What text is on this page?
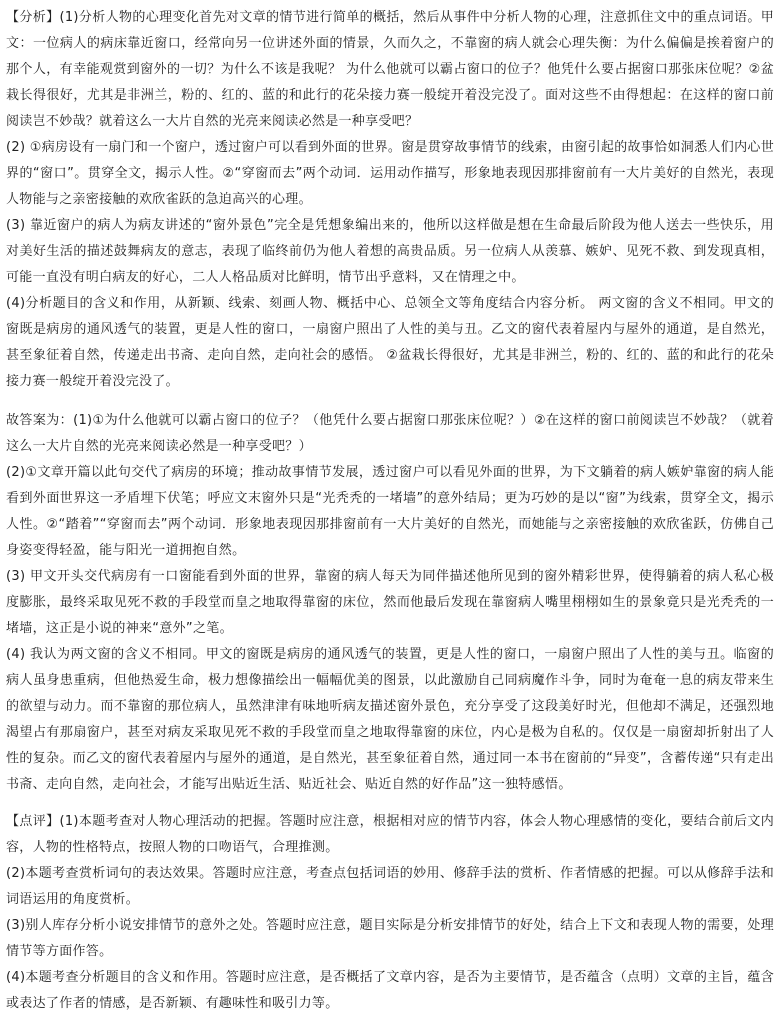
【分析】(1)分析人物的心理变化首先对文章的情节进行简单的概括，然后从事件中分析人物的心理，注意抓住文中的重点词语。甲文：一位病人的病床靠近窗口，经常向另一位讲述外面的情景，久而久之，不靠窗的病人就会心理失衡：为什么偏偏是挨着窗户的那个人，有幸能观赏到窗外的一切？为什么不该是我呢？ 为什么他就可以霸占窗口的位子？他凭什么要占据窗口那张床位呢？②盆栽长得很好，尤其是非洲兰，粉的、红的、蓝的和此行的花朵接力赛一般绽开着没完没了。面对这些不由得想起：在这样的窗口前阅读岂不妙哉？就着这么一大片自然的光亮来阅读必然是一种享受吧？

(2) ①病房设有一扇门和一个窗户，透过窗户可以看到外面的世界。窗是贯穿故事情节的线索，由窗引起的故事恰如洞悉人们内心世界的“窗口”。贯穿全文，揭示人性。②“穿窗而去”两个动词．运用动作描写，形象地表现因那排窗前有一大片美好的自然光，表现人物能与之亲密接触的欢欣雀跃的急迫高兴的心理。

(3) 靠近窗户的病人为病友讲述的“窗外景色”完全是凭想象编出来的，他所以这样做是想在生命最后阶段为他人送去一些快乐，用对美好生活的描述鼓舞病友的意志，表现了临终前仍为他人着想的高贵品质。另一位病人从羡慕、嫉妒、见死不救、到发现真相，可能一直没有明白病友的好心，二人人格品质对比鲜明，情节出乎意料，又在情理之中。

(4)分析题目的含义和作用，从新颖、线索、刻画人物、概括中心、总领全文等角度结合内容分析。 两文窗的含义不相同。甲文的窗既是病房的通风透气的装置，更是人性的窗口，一扇窗户照出了人性的美与丑。乙文的窗代表着屋内与屋外的通道，是自然光，甚至象征着自然，传递走出书斋、走向自然，走向社会的感悟。 ②盆栽长得很好，尤其是非洲兰，粉的、红的、蓝的和此行的花朵接力赛一般绽开着没完没了。

故答案为：(1)①为什么他就可以霸占窗口的位子？（他凭什么要占据窗口那张床位呢？）②在这样的窗口前阅读岂不妙哉？（就着这么一大片自然的光亮来阅读必然是一种享受吧？）

(2)①文章开篇以此句交代了病房的环境；推动故事情节发展，透过窗户可以看见外面的世界，为下文躺着的病人嫉妒靠窗的病人能看到外面世界这一矛盾埋下伏笔；呼应文末窗外只是“光秃秃的一堵墙”的意外结局；更为巧妙的是以“窗”为线索，贯穿全文，揭示人性。②“踏着”“穿窗而去”两个动词．形象地表现因那排窗前有一大片美好的自然光，而她能与之亲密接触的欢欣雀跃，仿佛自己身姿变得轻盈，能与阳光一道拥抱自然。

(3) 甲文开头交代病房有一口窗能看到外面的世界，靠窗的病人每天为同伴描述他所见到的窗外精彩世界，使得躺着的病人私心极度膨胀，最终采取见死不救的手段堂而皇之地取得靠窗的床位，然而他最后发现在靠窗病人嘴里栩栩如生的景象竟只是光秃秃的一堵墙，这正是小说的神来“意外”之笔。

(4) 我认为两文窗的含义不相同。甲文的窗既是病房的通风透气的装置，更是人性的窗口，一扇窗户照出了人性的美与丑。临窗的病人虽身患重病，但他热爱生命，极力想像描绘出一幅幅优美的图景，以此激励自己同病魔作斗争，同时为奄奄一息的病友带来生的欲望与动力。而不靠窗的那位病人，虽然津津有味地听病友描述窗外景色，充分享受了这段美好时光，但他却不满足，还强烈地渴望占有那扇窗户，甚至对病友采取见死不救的手段堂而皇之地取得靠窗的床位，内心是极为自私的。仅仅是一扇窗却折射出了人性的复杂。而乙文的窗代表着屋内与屋外的通道，是自然光，甚至象征着自然，通过同一本书在窗前的“异变”，含蓄传递“只有走出书斋、走向自然，走向社会，才能写出贴近生活、贴近社会、贴近自然的好作品”这一独特感悟。

【点评】(1)本题考查对人物心理活动的把握。答题时应注意，根据相对应的情节内容，体会人物心理感情的变化，要结合前后文内容，人物的性格特点，按照人物的口吻语气，合理推测。

(2)本题考查赏析词句的表达效果。答题时应注意，考查点包括词语的妙用、修辞手法的赏析、作者情感的把握。可以从修辞手法和词语运用的角度赏析。

(3)别人库存分析小说安排情节的意外之处。答题时应注意，题目实际是分析安排情节的好处，结合上下文和表现人物的需要，处理情节等方面作答。

(4)本题考查分析题目的含义和作用。答题时应注意，是否概括了文章内容，是否为主要情节，是否蕴含（点明）文章的主旨，蕴含或表达了作者的情感，是否新颖、有趣味性和吸引力等。
